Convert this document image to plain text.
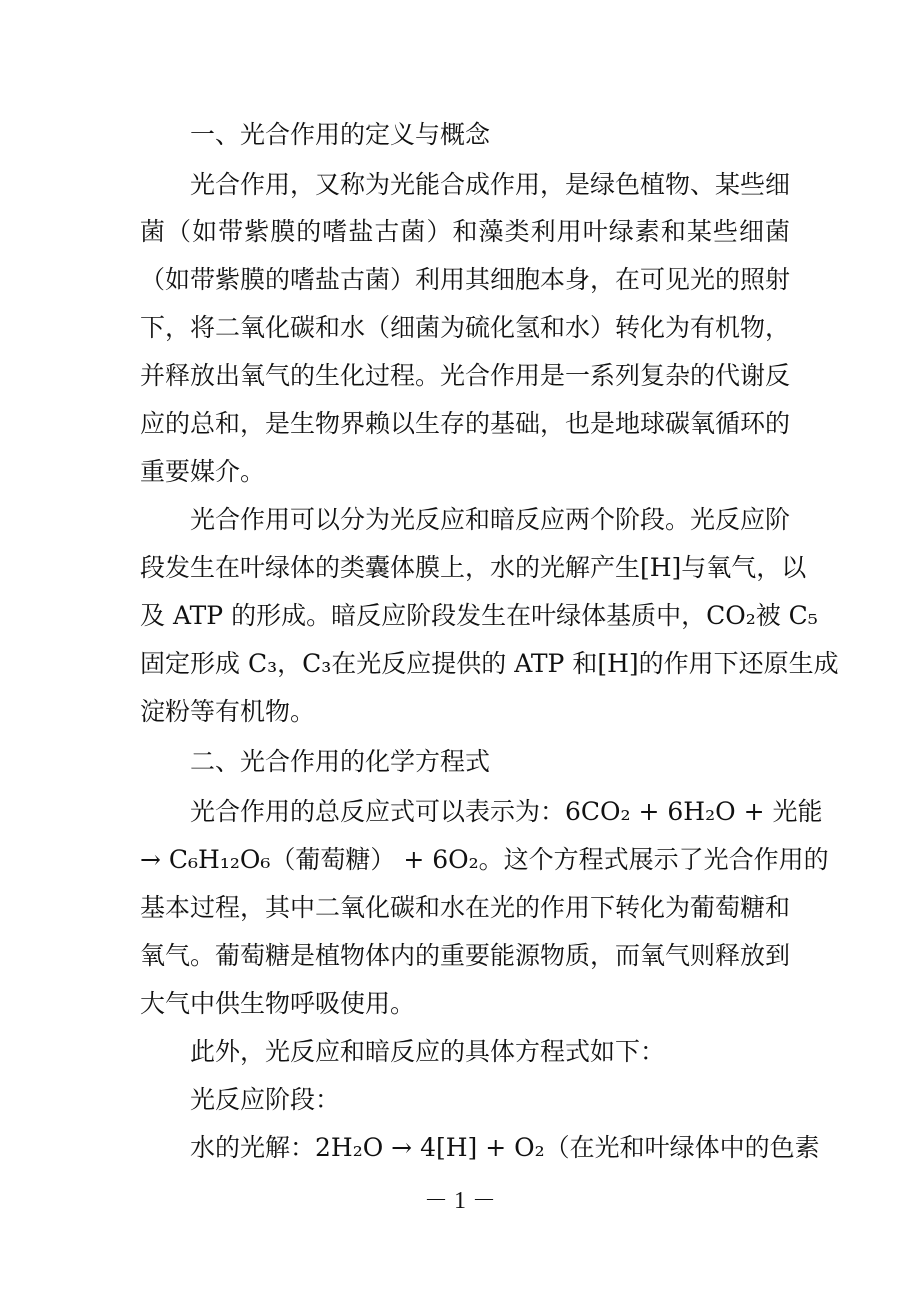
一、光合作用的定义与概念
光合作用，又称为光能合成作用，是绿色植物、某些细
菌（如带紫膜的嗜盐古菌）和藻类利用叶绿素和某些细菌
（如带紫膜的嗜盐古菌）利用其细胞本身，在可见光的照射
下，将二氧化碳和水（细菌为硫化氢和水）转化为有机物，
并释放出氧气的生化过程。光合作用是一系列复杂的代谢反
应的总和，是生物界赖以生存的基础，也是地球碳氧循环的
重要媒介。
光合作用可以分为光反应和暗反应两个阶段。光反应阶
段发生在叶绿体的类囊体膜上，水的光解产生[H]与氧气，以
及 ATP 的形成。暗反应阶段发生在叶绿体基质中，CO₂被 C₅
固定形成 C₃，C₃在光反应提供的 ATP 和[H]的作用下还原生成
淀粉等有机物。
二、光合作用的化学方程式
光合作用的总反应式可以表示为：6CO₂ + 6H₂O + 光能
→ C₆H₁₂O₆（葡萄糖） + 6O₂。这个方程式展示了光合作用的
基本过程，其中二氧化碳和水在光的作用下转化为葡萄糖和
氧气。葡萄糖是植物体内的重要能源物质，而氧气则释放到
大气中供生物呼吸使用。
此外，光反应和暗反应的具体方程式如下：
光反应阶段：
水的光解：2H₂O → 4[H] + O₂（在光和叶绿体中的色素
－ 1 －
